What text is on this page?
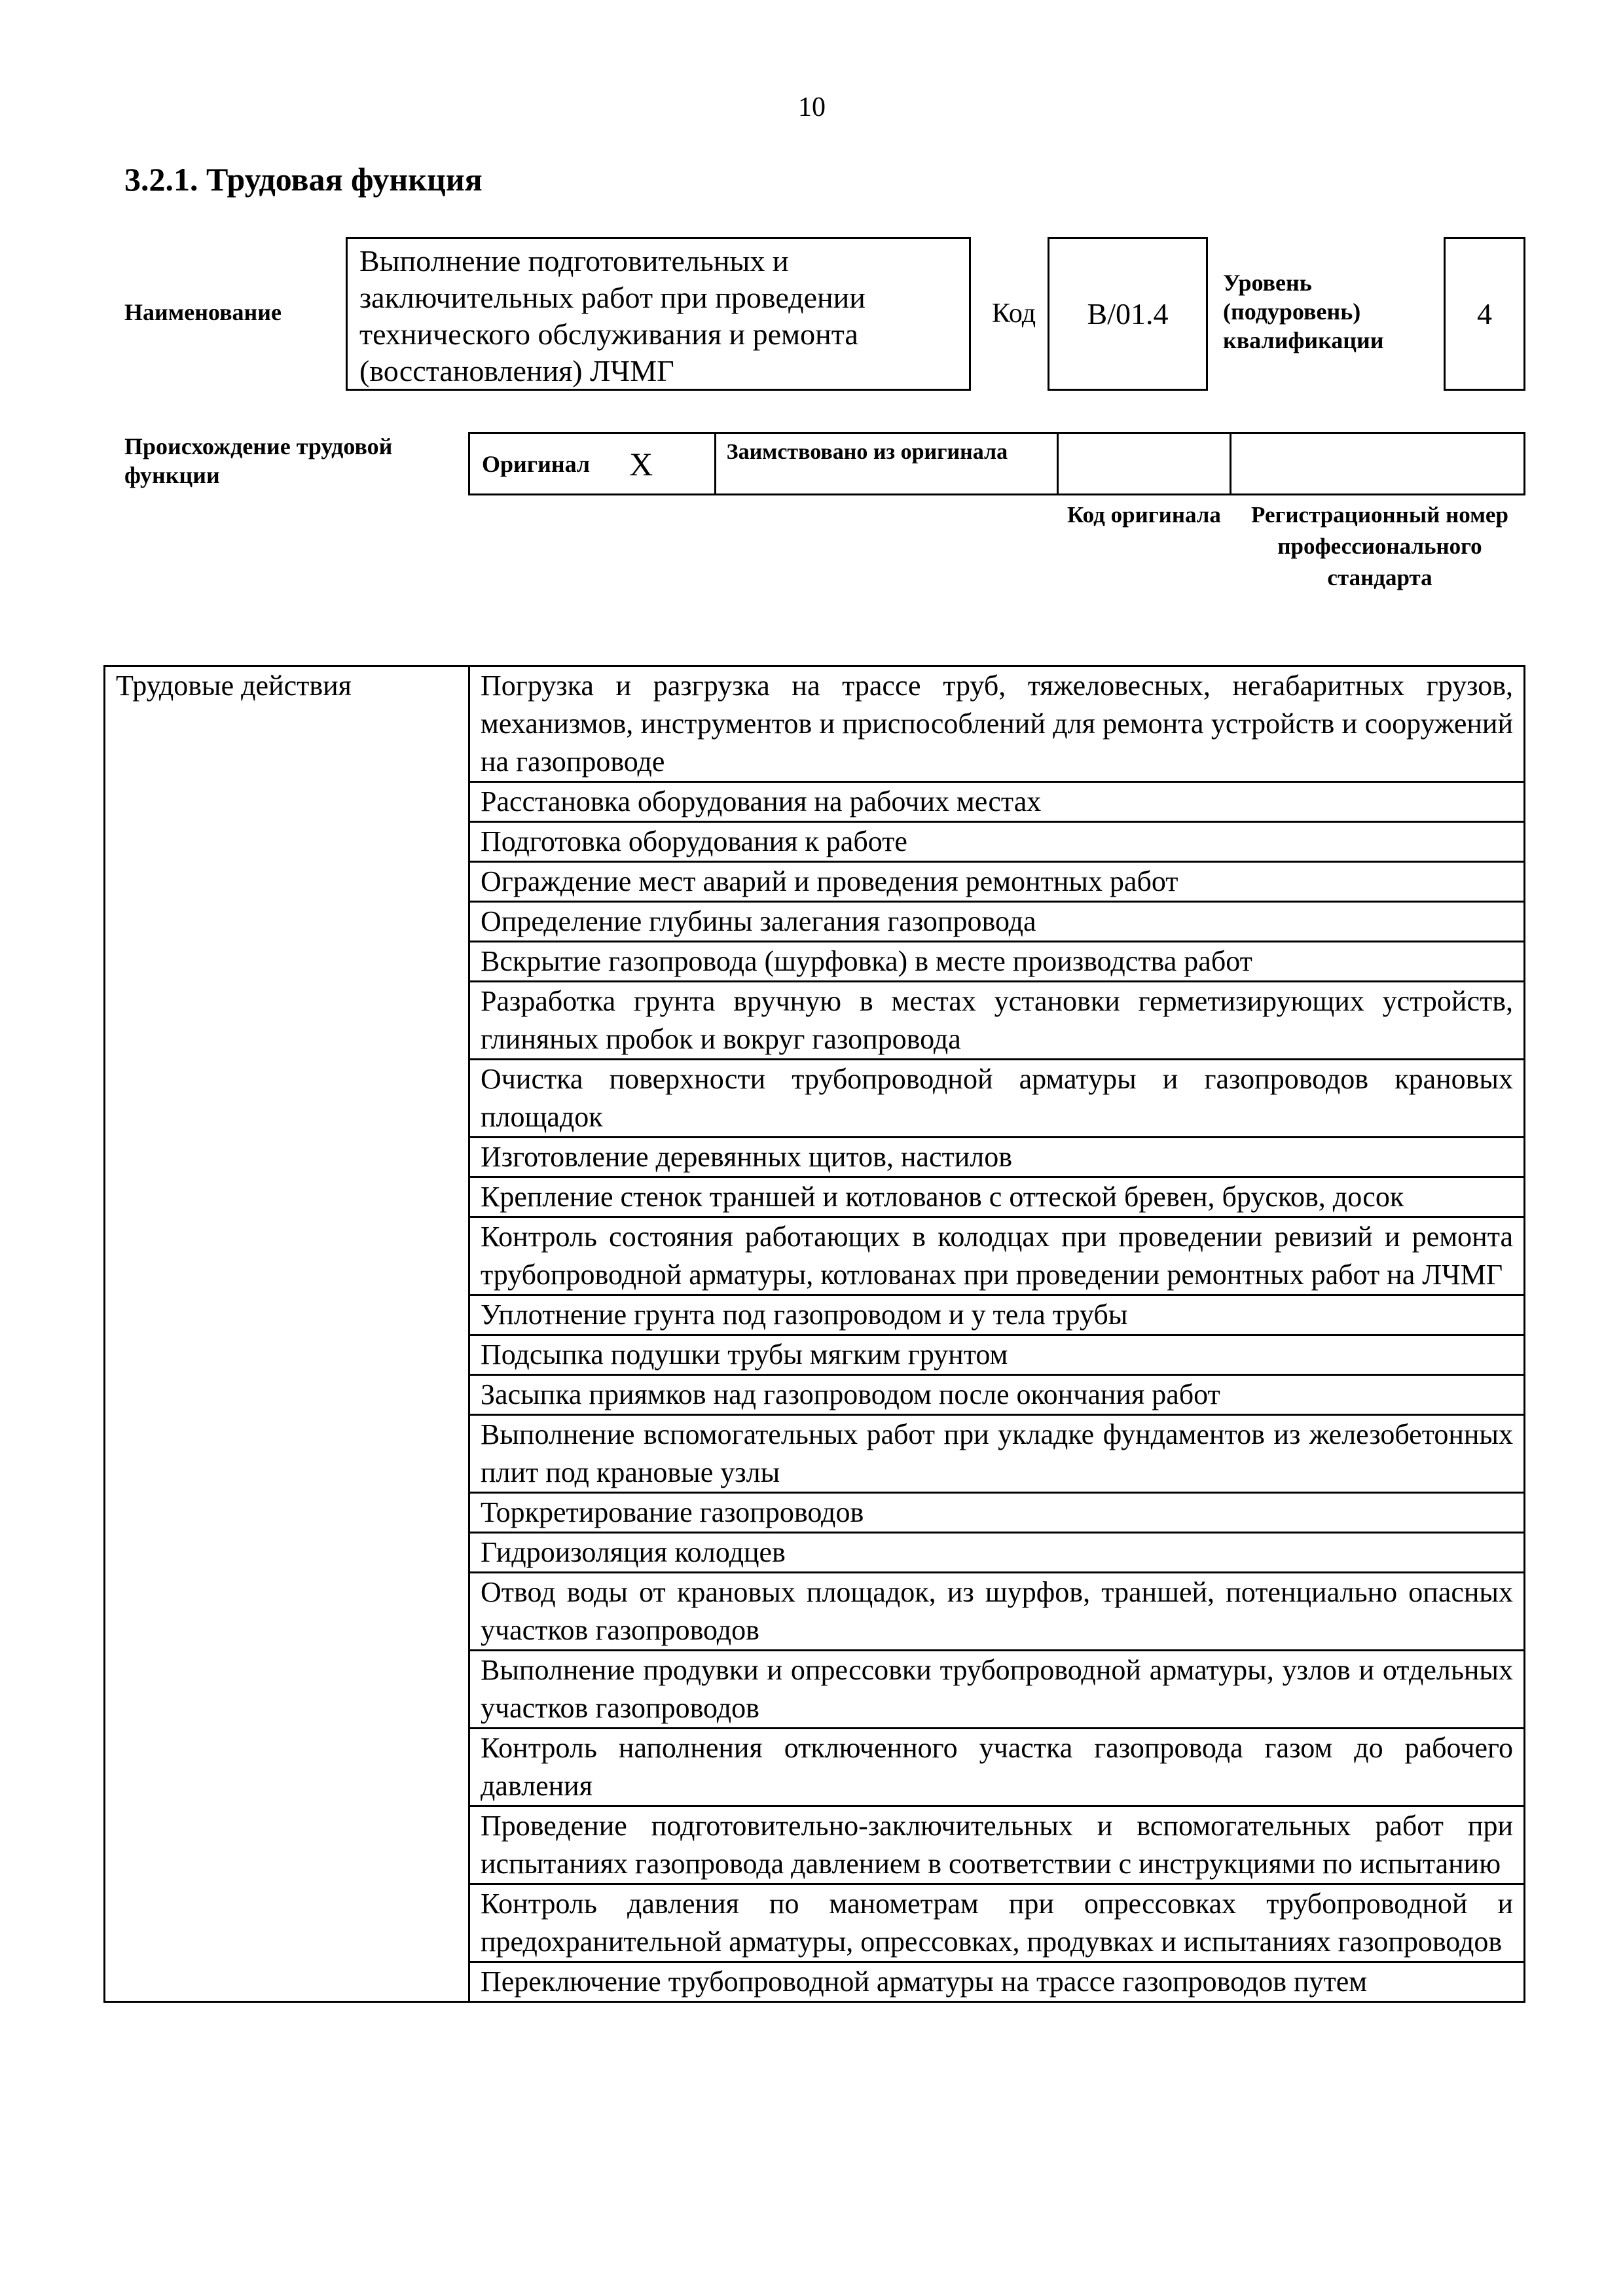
10
3.2.1. Трудовая функция
Наименование
Выполнение подготовительных и заключительных работ при проведении технического обслуживания и ремонта (восстановления) ЛЧМГ
Код	B/01.4
Уровень (подуровень) квалификации
4
Происхождение трудовой функции	Оригинал X	Заимствовано из оригинала
Код оригинала	Регистрационный номер профессионального стандарта
Трудовые действия	Погрузка и разгрузка на трассе труб, тяжеловесных, негабаритных грузов, механизмов, инструментов и приспособлений для ремонта устройств и сооружений на газопроводе
Расстановка оборудования на рабочих местах
Подготовка оборудования к работе
Ограждение мест аварий и проведения ремонтных работ
Определение глубины залегания газопровода
Вскрытие газопровода (шурфовка) в месте производства работ
Разработка грунта вручную в местах установки герметизирующих устройств, глиняных пробок и вокруг газопровода
Очистка поверхности трубопроводной арматуры и газопроводов крановых площадок
Изготовление деревянных щитов, настилов
Крепление стенок траншей и котлованов с оттеской бревен, брусков, досок
Контроль состояния работающих в колодцах при проведении ревизий и ремонта трубопроводной арматуры, котлованах при проведении ремонтных работ на ЛЧМГ
Уплотнение грунта под газопроводом и у тела трубы
Подсыпка подушки трубы мягким грунтом
Засыпка приямков над газопроводом после окончания работ
Выполнение вспомогательных работ при укладке фундаментов из железобетонных плит под крановые узлы
Торкретирование газопроводов
Гидроизоляция колодцев
Отвод воды от крановых площадок, из шурфов, траншей, потенциально опасных участков газопроводов
Выполнение продувки и опрессовки трубопроводной арматуры, узлов и отдельных участков газопроводов
Контроль наполнения отключенного участка газопровода газом до рабочего давления
Проведение подготовительно-заключительных и вспомогательных работ при испытаниях газопровода давлением в соответствии с инструкциями по испытанию
Контроль давления по манометрам при опрессовках трубопроводной и предохранительной арматуры, опрессовках, продувках и испытаниях газопроводов
Переключение трубопроводной арматуры на трассе газопроводов путем
